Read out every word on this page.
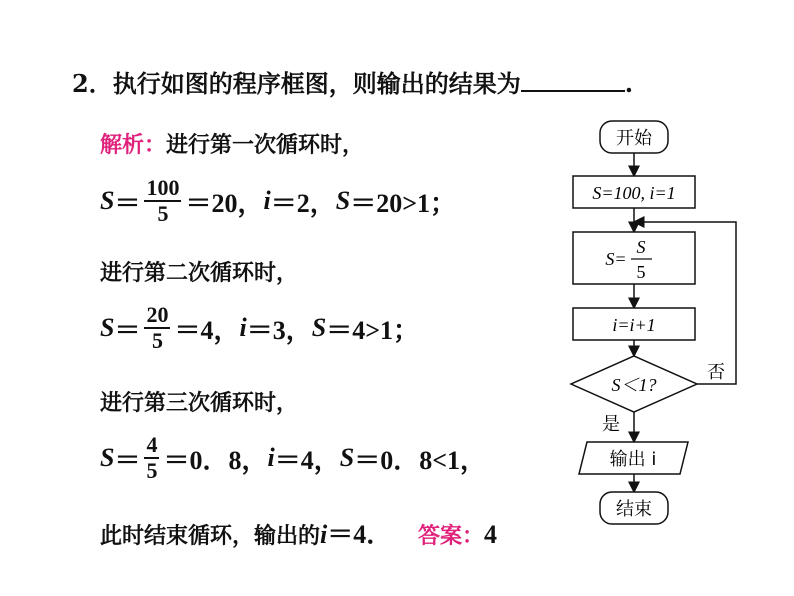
2．执行如图的程序框图，则输出的结果为	.
解析：进行第一次循环时，
$S = \frac{100}{5} =20$， i ＝2， S ＝20>1；
进行第二次循环时，
$S = \frac{20}{5} =4$， i ＝3， S ＝4>1；
进行第三次循环时，
$S = \frac{4}{5} =0$．8， i ＝4， S ＝0．8<1，
此时结束循环，输出的i＝4． 答案：4
开始
S=100, i=1
S=
S
5
i=i+1
S＜1?
否
是
输出 i
结束
